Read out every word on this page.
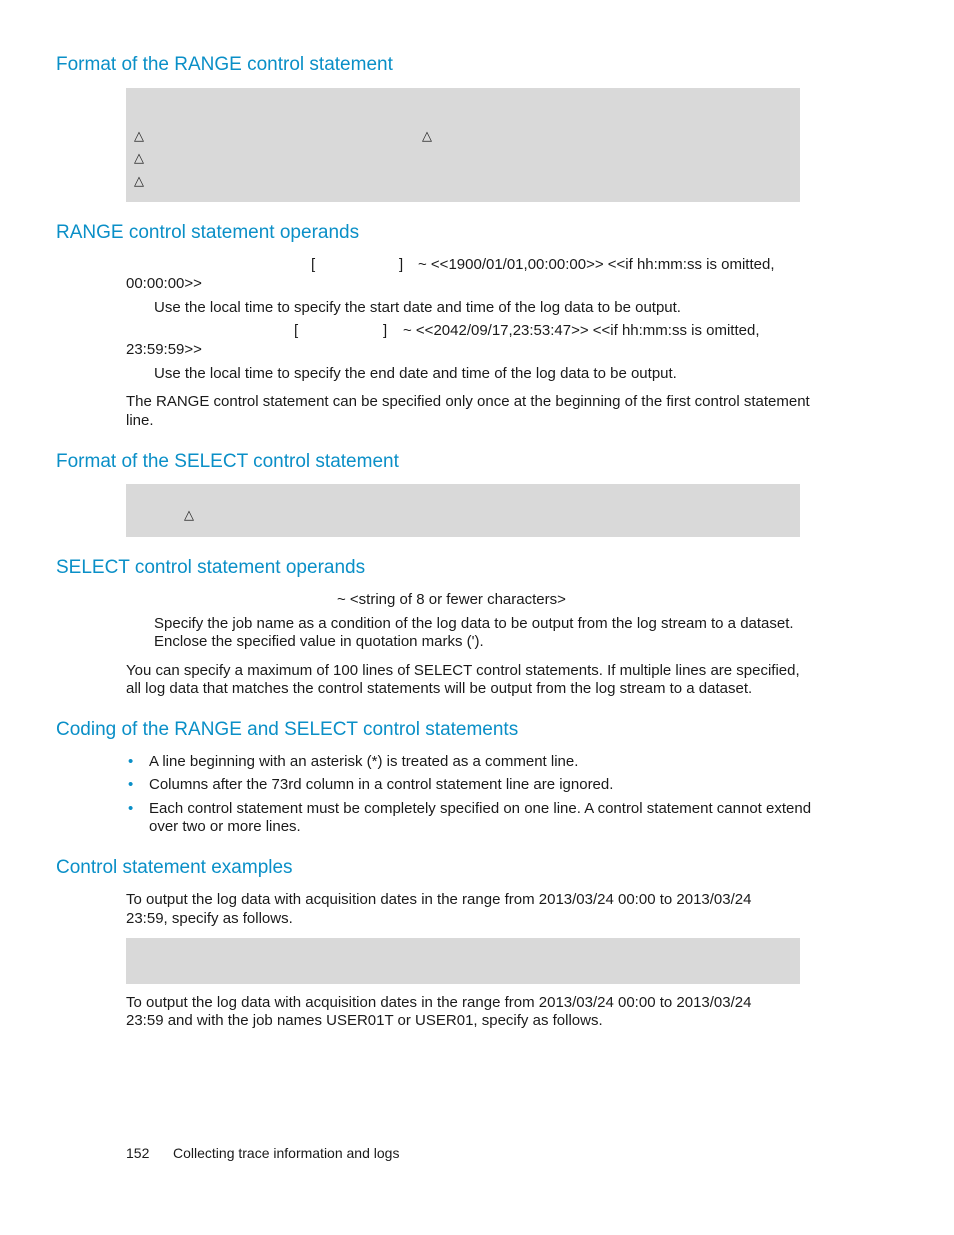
Format of the RANGE control statement
△	△
△
△
RANGE control statement operands
[	] ~ <<1900/01/01,00:00:00>> <<if hh:mm:ss is omitted,
00:00:00>>
Use the local time to specify the start date and time of the log data to be output.
[	] ~ <<2042/09/17,23:53:47>> <<if hh:mm:ss is omitted,
23:59:59>>
Use the local time to specify the end date and time of the log data to be output.
The RANGE control statement can be specified only once at the beginning of the first control statement
line.
Format of the SELECT control statement
△
SELECT control statement operands
~ <string of 8 or fewer characters>
Specify the job name as a condition of the log data to be output from the log stream to a dataset.
Enclose the specified value in quotation marks (').
You can specify a maximum of 100 lines of SELECT control statements. If multiple lines are specified,
all log data that matches the control statements will be output from the log stream to a dataset.
Coding of the RANGE and SELECT control statements
• A line beginning with an asterisk (*) is treated as a comment line.
• Columns after the 73rd column in a control statement line are ignored.
• Each control statement must be completely specified on one line. A control statement cannot extend
over two or more lines.
Control statement examples
To output the log data with acquisition dates in the range from 2013/03/24 00:00 to 2013/03/24
23:59, specify as follows.
To output the log data with acquisition dates in the range from 2013/03/24 00:00 to 2013/03/24
23:59 and with the job names USER01T or USER01, specify as follows.
152 Collecting trace information and logs
